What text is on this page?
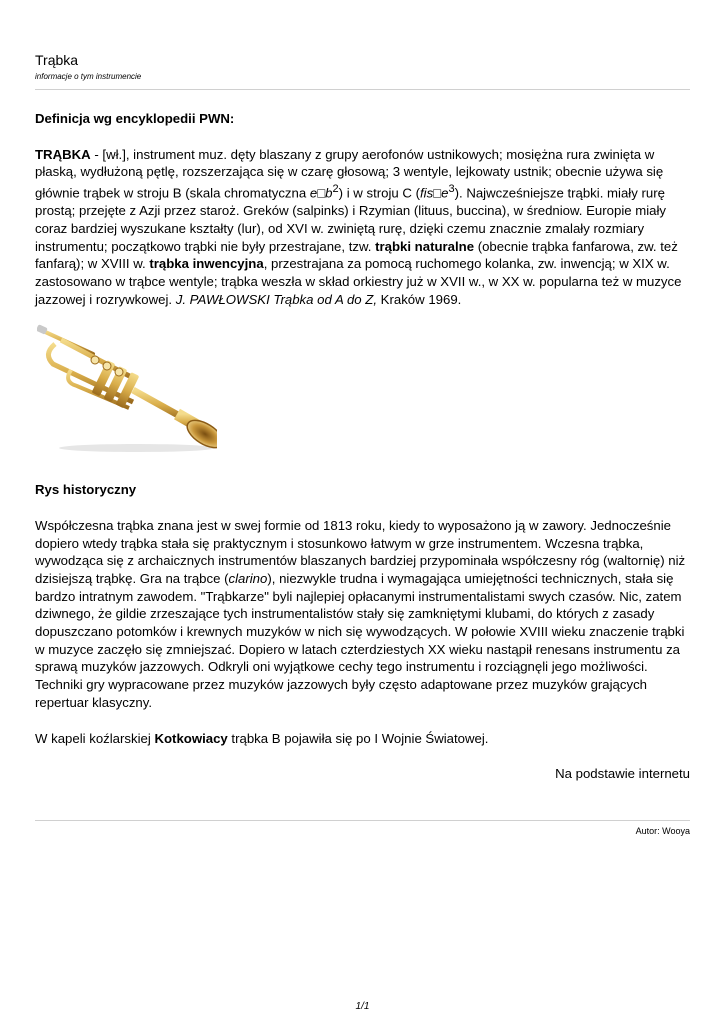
Trąbka
informacje o tym instrumencie
Definicja wg encyklopedii PWN:

TRĄBKA - [wł.], instrument muz. dęty blaszany z grupy aerofonów ustnikowych; mosiężna rura zwinięta w płaską, wydłużoną pętlę, rozszerzająca się w czarę głosową; 3 wentyle, lejkowaty ustnik; obecnie używa się głównie trąbek w stroju B (skala chromatyczna $e□b^2$) i w stroju C $(fis□e^3)$. Najwcześniejsze trąbki. miały rurę prostą; przejęte z Azji przez staroż. Greków (salpinks) i Rzymian (lituus, buccina), w średniow. Europie miały coraz bardziej wyszukane kształty (lur), od XVI w. zwiniętą rurę, dzięki czemu znacznie zmalały rozmiary instrumentu; początkowo trąbki nie były przestrajane, tzw. trąbki naturalne (obecnie trąbka fanfarowa, zw. też fanfarą); w XVIII w. trąbka inwencyjna, przestrajana za pomocą ruchomego kolanka, zw. inwencją; w XIX w. zastosowano w trąbce wentyle; trąbka weszła w skład orkiestry już w XVII w., w XX w. popularna też w muzyce jazzowej i rozrywkowej. J. PAWŁOWSKI Trąbka od A do Z, Kraków 1969.

Rys historyczny

Współczesna trąbka znana jest w swej formie od 1813 roku, kiedy to wyposażono ją w zawory. Jednocześnie dopiero wtedy trąbka stała się praktycznym i stosunkowo łatwym w grze instrumentem. Wczesna trąbka, wywodząca się z archaicznych instrumentów blaszanych bardziej przypominała współczesny róg (waltornię) niż dzisiejszą trąbkę. Gra na trąbce (clarino), niezwykle trudna i wymagająca umiejętności technicznych, stała się bardzo intratnym zawodem. "Trąbkarze" byli najlepiej opłacanymi instrumentalistami swych czasów. Nic, zatem dziwnego, że gildie zrzeszające tych instrumentalistów stały się zamkniętymi klubami, do których z zasady dopuszczano potomków i krewnych muzyków w nich się wywodzących. W połowie XVIII wieku znaczenie trąbki w muzyce zaczęło się zmniejszać. Dopiero w latach czterdziestych XX wieku nastąpił renesans instrumentu za sprawą muzyków jazzowych. Odkryli oni wyjątkowe cechy tego instrumentu i rozciągnęli jego możliwości. Techniki gry wypracowane przez muzyków jazzowych były często adaptowane przez muzyków grających repertuar klasyczny.

W kapeli koźlarskiej Kotkowiacy trąbka B pojawiła się po I Wojnie Światowej.

Na podstawie internetu

Autor: Wooya
1/1
